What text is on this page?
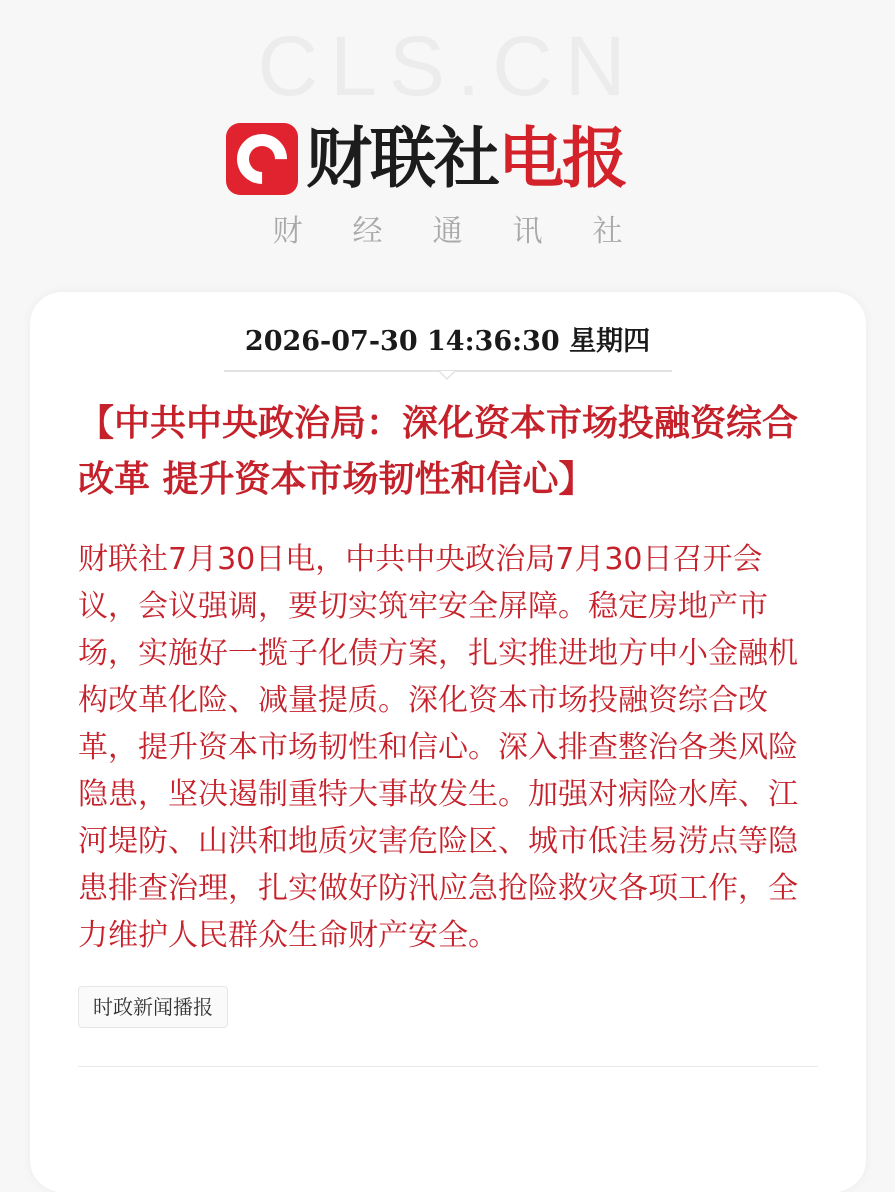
CLS.CN
财联社电报
财经通讯社
2026-07-30 14:36:30 星期四
【中共中央政治局：深化资本市场投融资综合改革 提升资本市场韧性和信心】

财联社7月30日电，中共中央政治局7月30日召开会议，会议强调，要切实筑牢安全屏障。稳定房地产市场，实施好一揽子化债方案，扎实推进地方中小金融机构改革化险、减量提质。深化资本市场投融资综合改革，提升资本市场韧性和信心。深入排查整治各类风险隐患，坚决遏制重特大事故发生。加强对病险水库、江河堤防、山洪和地质灾害危险区、城市低洼易涝点等隐患排查治理，扎实做好防汛应急抢险救灾各项工作，全力维护人民群众生命财产安全。

时政新闻播报
